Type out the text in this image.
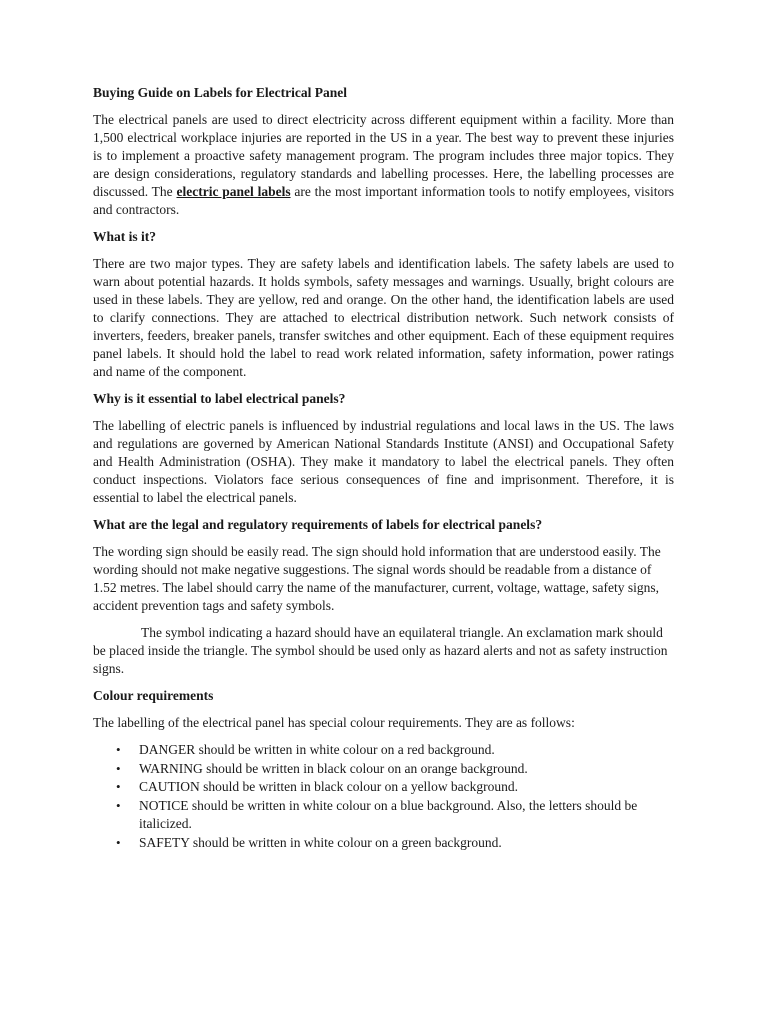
Buying Guide on Labels for Electrical Panel

The electrical panels are used to direct electricity across different equipment within a facility. More than 1,500 electrical workplace injuries are reported in the US in a year. The best way to prevent these injuries is to implement a proactive safety management program. The program includes three major topics. They are design considerations, regulatory standards and labelling processes. Here, the labelling processes are discussed. The electric panel labels are the most important information tools to notify employees, visitors and contractors.

What is it?

There are two major types. They are safety labels and identification labels. The safety labels are used to warn about potential hazards. It holds symbols, safety messages and warnings. Usually, bright colours are used in these labels. They are yellow, red and orange. On the other hand, the identification labels are used to clarify connections. They are attached to electrical distribution network. Such network consists of inverters, feeders, breaker panels, transfer switches and other equipment. Each of these equipment requires panel labels. It should hold the label to read work related information, safety information, power ratings and name of the component.

Why is it essential to label electrical panels?

The labelling of electric panels is influenced by industrial regulations and local laws in the US. The laws and regulations are governed by American National Standards Institute (ANSI) and Occupational Safety and Health Administration (OSHA). They make it mandatory to label the electrical panels. They often conduct inspections. Violators face serious consequences of fine and imprisonment. Therefore, it is essential to label the electrical panels.

What are the legal and regulatory requirements of labels for electrical panels?

The wording sign should be easily read. The sign should hold information that are understood easily. The wording should not make negative suggestions. The signal words should be readable from a distance of 1.52 metres. The label should carry the name of the manufacturer, current, voltage, wattage, safety signs, accident prevention tags and safety symbols.

The symbol indicating a hazard should have an equilateral triangle. An exclamation mark should be placed inside the triangle. The symbol should be used only as hazard alerts and not as safety instruction signs.

Colour requirements

The labelling of the electrical panel has special colour requirements. They are as follows:

• DANGER should be written in white colour on a red background.
• WARNING should be written in black colour on an orange background.
• CAUTION should be written in black colour on a yellow background.
• NOTICE should be written in white colour on a blue background. Also, the letters should be italicized.
• SAFETY should be written in white colour on a green background.
